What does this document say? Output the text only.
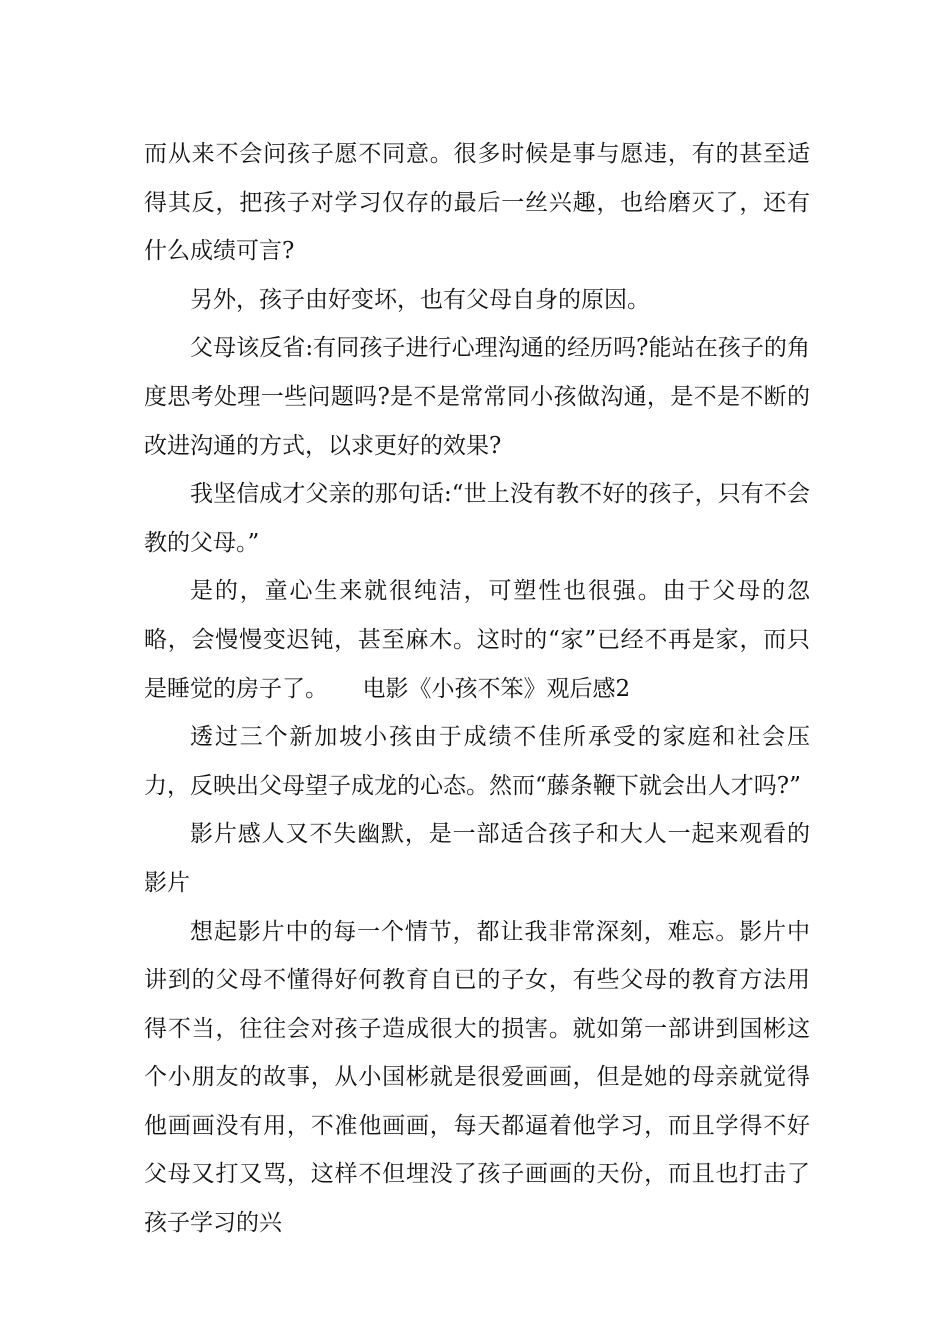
而从来不会问孩子愿不同意。很多时候是事与愿违，有的甚至适得其反，把孩子对学习仅存的最后一丝兴趣，也给磨灭了，还有什么成绩可言?

另外，孩子由好变坏，也有父母自身的原因。

父母该反省:有同孩子进行心理沟通的经历吗?能站在孩子的角度思考处理一些问题吗?是不是常常同小孩做沟通，是不是不断的改进沟通的方式，以求更好的效果?

我坚信成才父亲的那句话:“世上没有教不好的孩子，只有不会教的父母。”

是的，童心生来就很纯洁，可塑性也很强。由于父母的忽略，会慢慢变迟钝，甚至麻木。这时的“家”已经不再是家，而只是睡觉的房子了。　　电影《小孩不笨》观后感2

透过三个新加坡小孩由于成绩不佳所承受的家庭和社会压力，反映出父母望子成龙的心态。然而“藤条鞭下就会出人才吗?”

影片感人又不失幽默，是一部适合孩子和大人一起来观看的影片

想起影片中的每一个情节，都让我非常深刻，难忘。影片中讲到的父母不懂得好何教育自已的子女，有些父母的教育方法用得不当，往往会对孩子造成很大的损害。就如第一部讲到国彬这个小朋友的故事，从小国彬就是很爱画画，但是她的母亲就觉得他画画没有用，不准他画画，每天都逼着他学习，而且学得不好父母又打又骂，这样不但埋没了孩子画画的天份，而且也打击了孩子学习的兴
